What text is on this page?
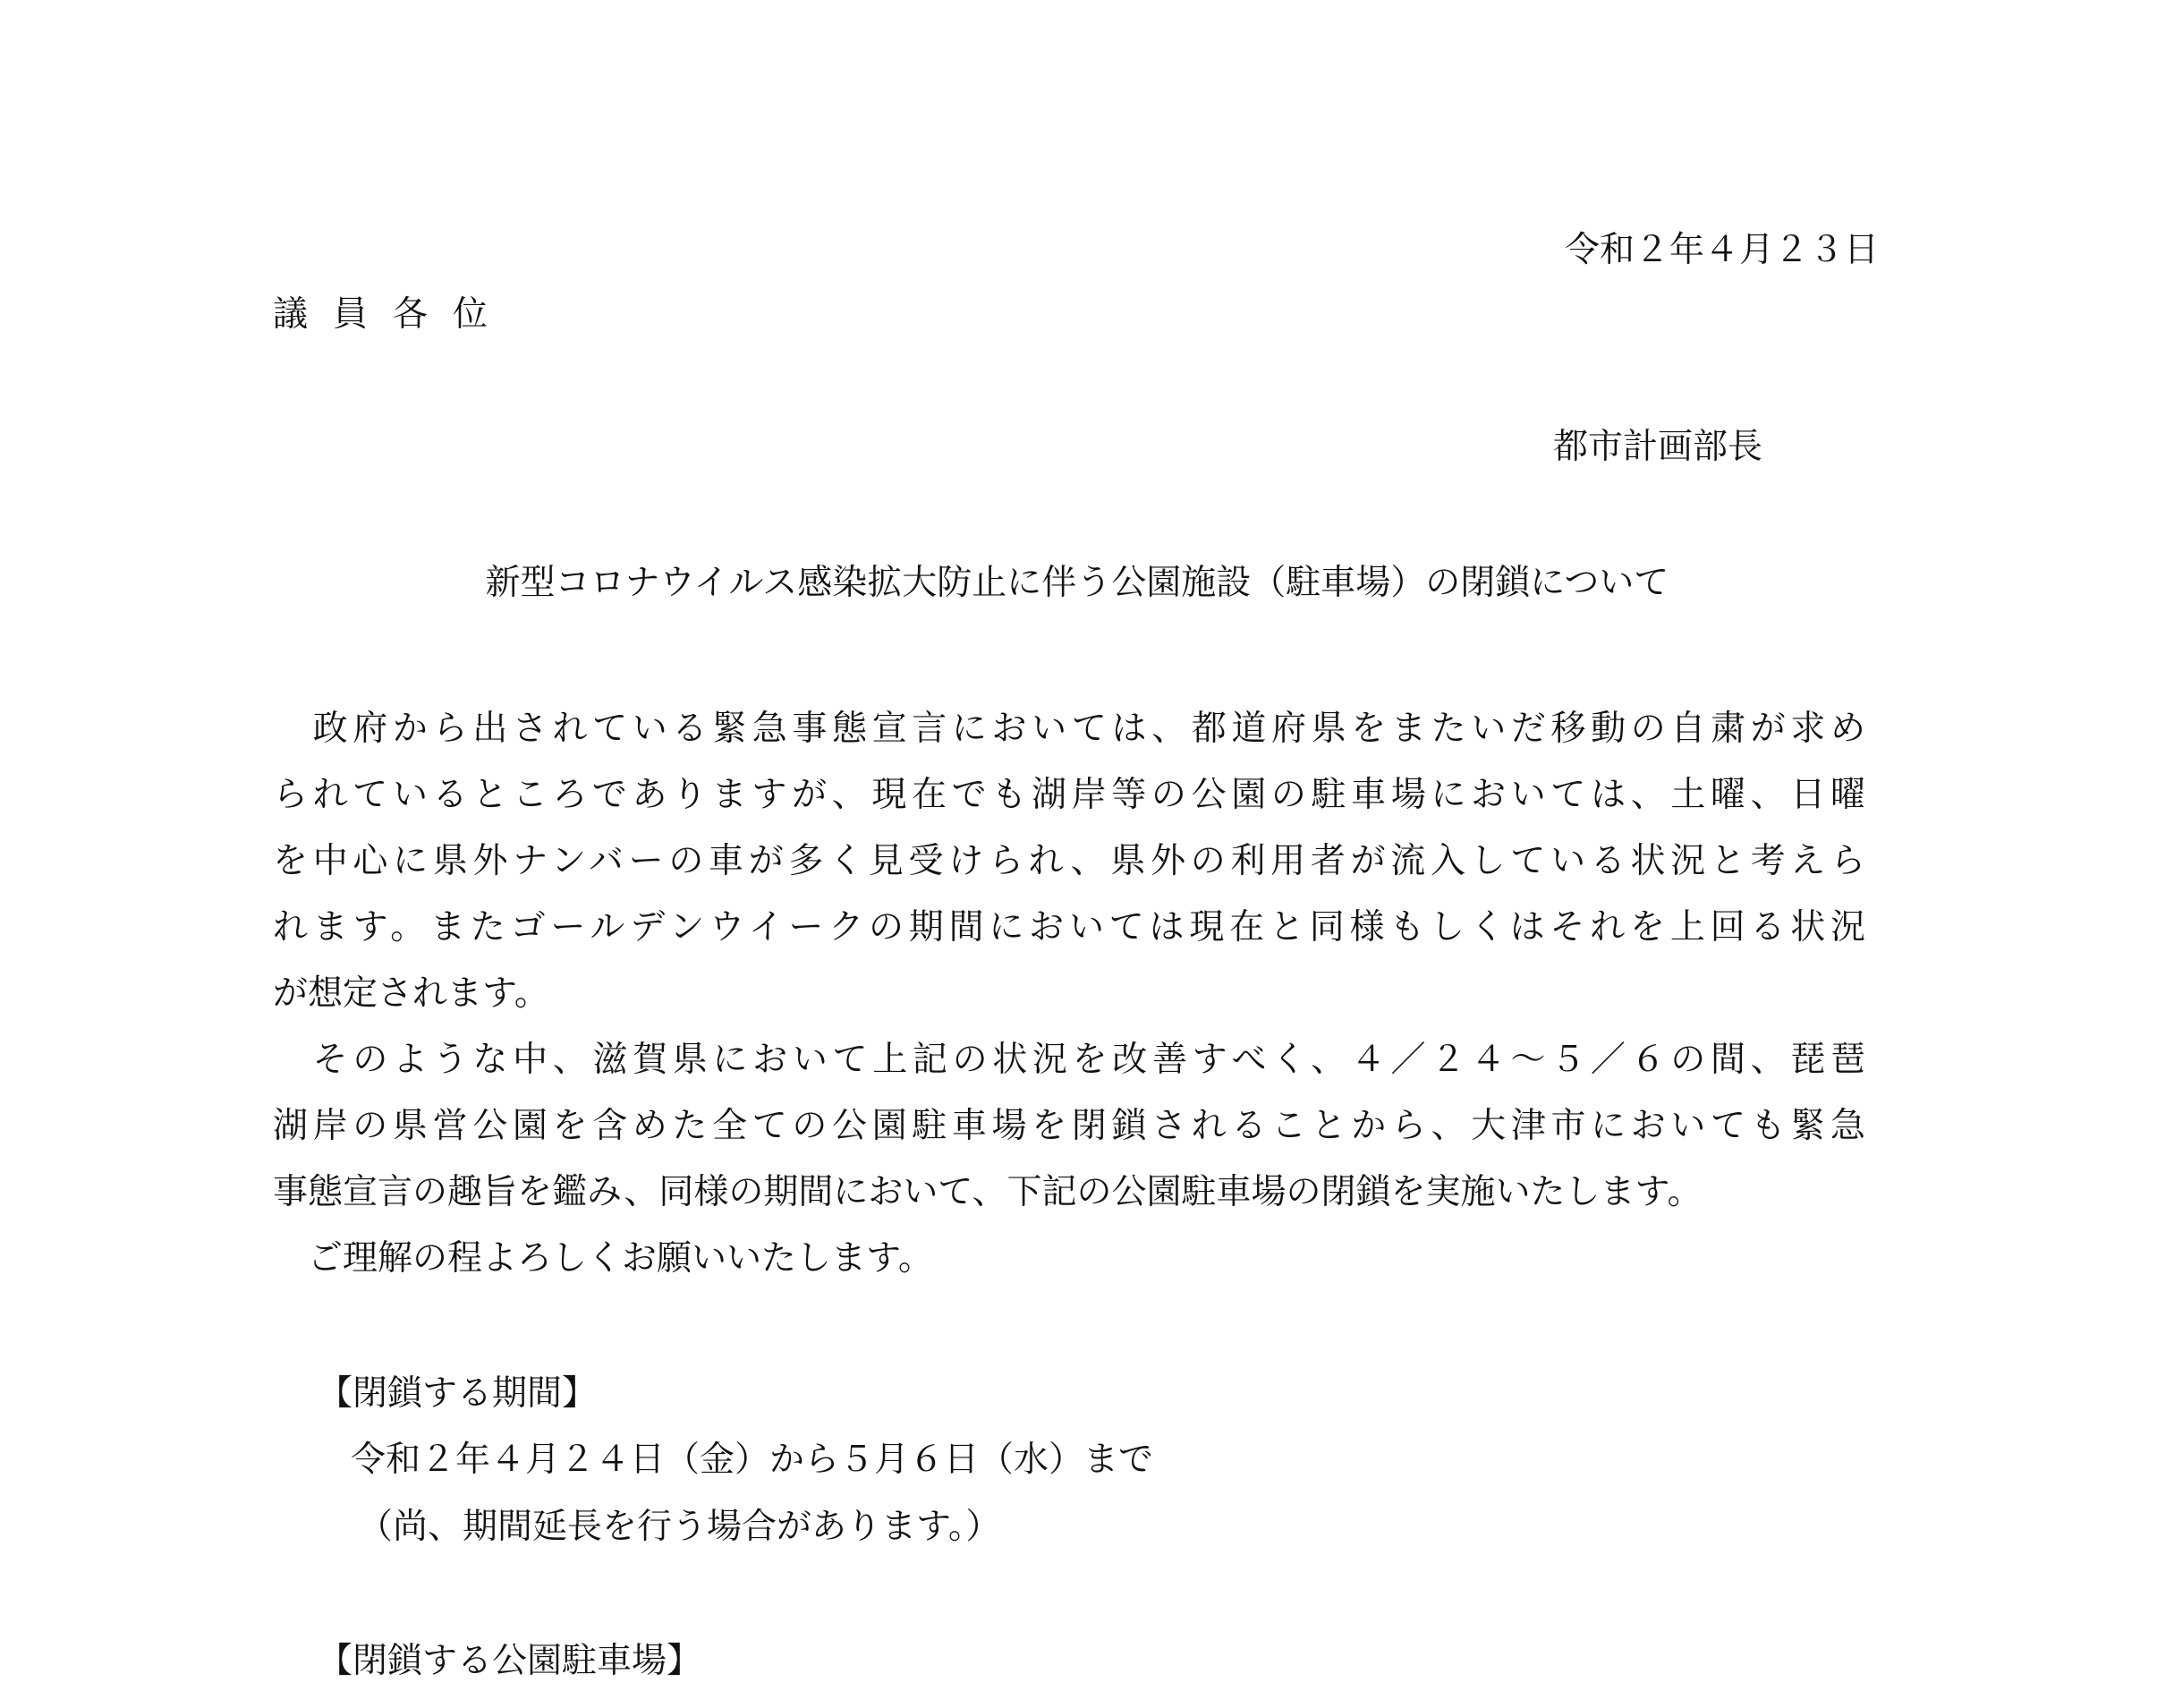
令和２年４月２３日
議員各位
都市計画部長
新型コロナウイルス感染拡大防止に伴う公園施設（駐車場）の閉鎖について
　政府から出されている緊急事態宣言においては、都道府県をまたいだ移動の自粛が求め
られているところでありますが、現在でも湖岸等の公園の駐車場においては、土曜、日曜
を中心に県外ナンバーの車が多く見受けられ、県外の利用者が流入している状況と考えら
れます。またゴールデンウイークの期間においては現在と同様もしくはそれを上回る状況
が想定されます。
　そのような中、滋賀県において上記の状況を改善すべく、４／２４～５／６の間、琵琶
湖岸の県営公園を含めた全ての公園駐車場を閉鎖されることから、大津市においても緊急
事態宣言の趣旨を鑑み、同様の期間において、下記の公園駐車場の閉鎖を実施いたします。
　ご理解の程よろしくお願いいたします。
【閉鎖する期間】
令和２年４月２４日（金）から５月６日（水）まで
（尚、期間延長を行う場合があります。）
【閉鎖する公園駐車場】
